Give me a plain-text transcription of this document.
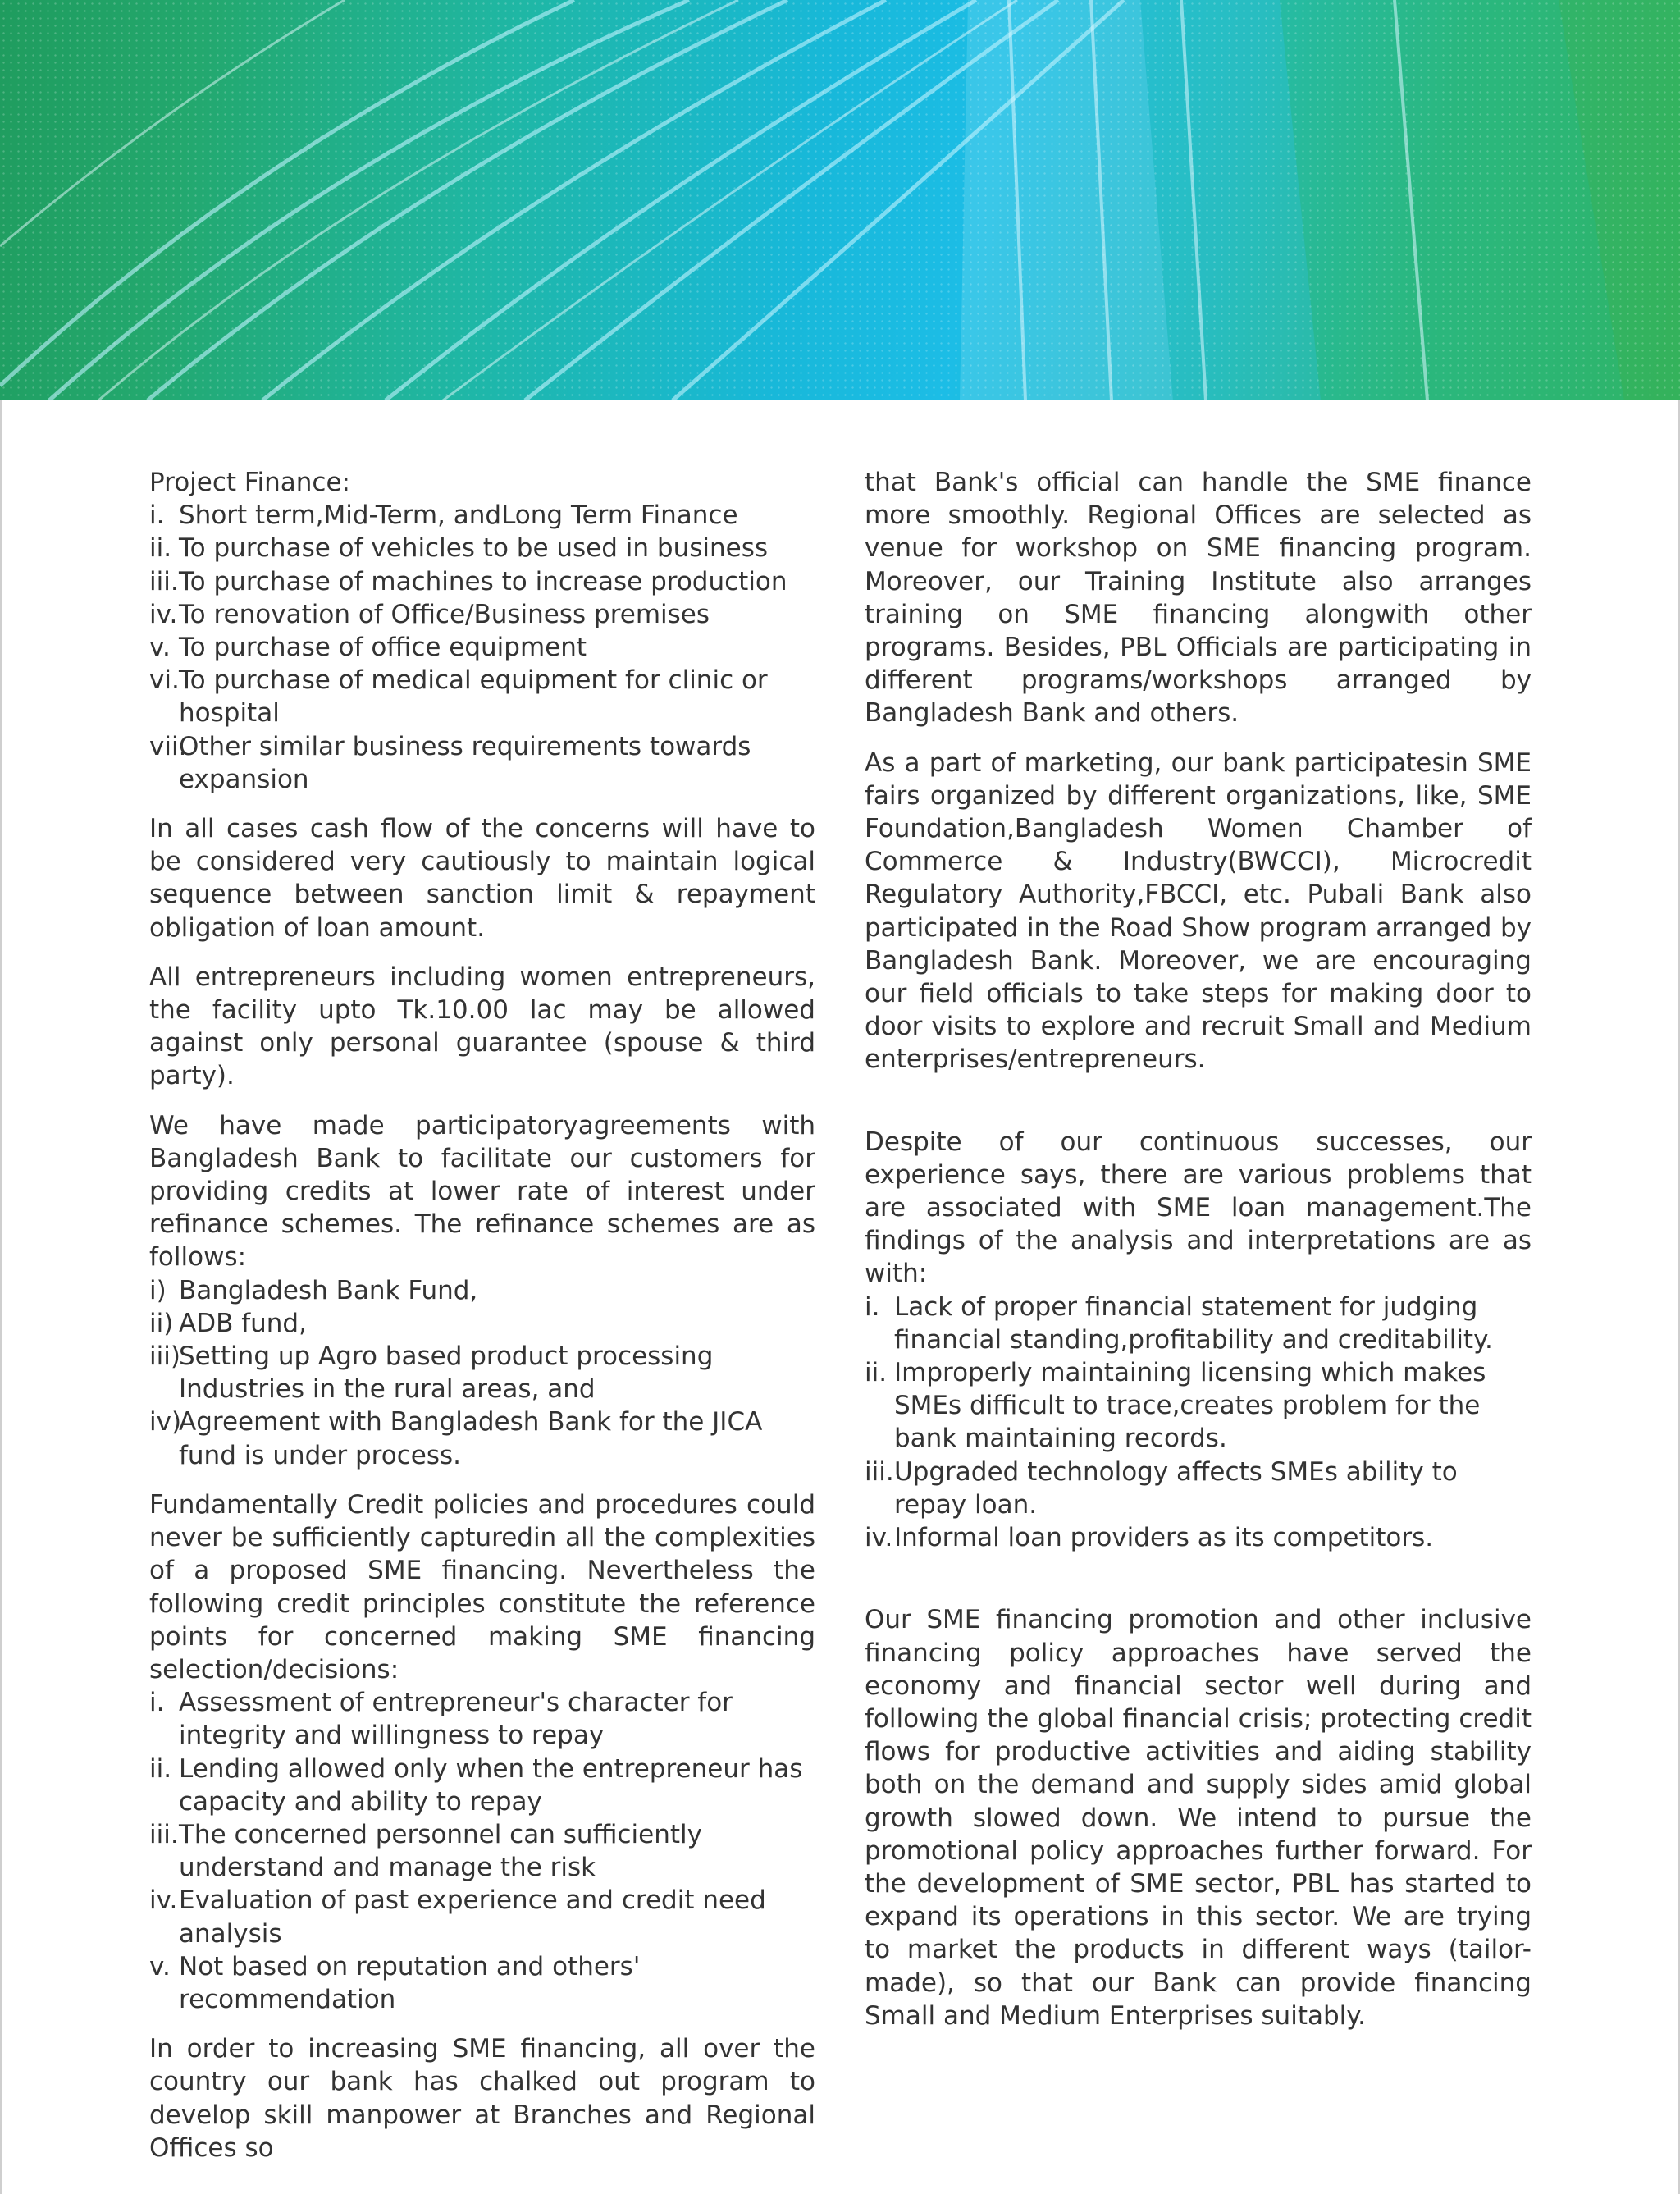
Project Finance:
i. Short term,Mid-Term, andLong Term Finance
ii. To purchase of vehicles to be used in business
iii. To purchase of machines to increase production
iv. To renovation of Office/Business premises
v. To purchase of office equipment
vi. To purchase of medical equipment for clinic or hospital
vii.
Other similar business requirements towards expansion

In all cases cash flow of the concerns will have to be considered very cautiously to maintain logical sequence between sanction limit & repayment obligation of loan amount.

All entrepreneurs including women entrepreneurs, the facility upto Tk.10.00 lac may be allowed against only personal guarantee (spouse & third party).

We have made participatoryagreements with Bangladesh Bank to facilitate our customers for providing credits at lower rate of interest under refinance schemes. The refinance schemes are as follows:

i) Bangladesh Bank Fund,
ii) ADB fund,
iii)
Setting up Agro based product processing Industries in the rural areas, and
iv)
Agreement with Bangladesh Bank for the JICA fund is under process.

Fundamentally Credit policies and procedures could never be sufficiently capturedin all the complexities of a proposed SME financing. Nevertheless the following credit principles constitute the reference points for concerned making SME financing selection/decisions:

i. Assessment of entrepreneur's character for integrity and willingness to repay
ii. Lending allowed only when the entrepreneur has capacity and ability to repay
iii. The concerned personnel can sufficiently understand and manage the risk
iv. Evaluation of past experience and credit need analysis
v. Not based on reputation and others' recommendation

In order to increasing SME financing, all over the country our bank has chalked out program to develop skill manpower at Branches and Regional Offices so

that Bank's official can handle the SME finance more smoothly. Regional Offices are selected as venue for workshop on SME financing program. Moreover, our Training Institute also arranges training on SME financing alongwith other programs. Besides, PBL Officials are participating in different programs/workshops arranged by Bangladesh Bank and others.

As a part of marketing, our bank participatesin SME fairs organized by different organizations, like, SME Foundation,Bangladesh Women Chamber of Commerce & Industry(BWCCI), Microcredit Regulatory Authority,FBCCI, etc. Pubali Bank also participated in the Road Show program arranged by Bangladesh Bank. Moreover, we are encouraging our field officials to take steps for making door to door visits to explore and recruit Small and Medium enterprises/entrepreneurs.

Despite of our continuous successes, our experience says, there are various problems that are associated with SME loan management.The findings of the analysis and interpretations are as with:

i. Lack of proper financial statement for judging financial standing,profitability and creditability.
ii. Improperly maintaining licensing which makes SMEs difficult to trace,creates problem for the bank maintaining records.
iii. Upgraded technology affects SMEs ability to repay loan.
iv. Informal loan providers as its competitors.

Our SME financing promotion and other inclusive financing policy approaches have served the economy and financial sector well during and following the global financial crisis; protecting credit flows for productive activities and aiding stability both on the demand and supply sides amid global growth slowed down. We intend to pursue the promotional policy approaches further forward. For the development of SME sector, PBL has started to expand its operations in this sector. We are trying to market the products in different ways (tailor-made), so that our Bank can provide financing Small and Medium Enterprises suitably.
